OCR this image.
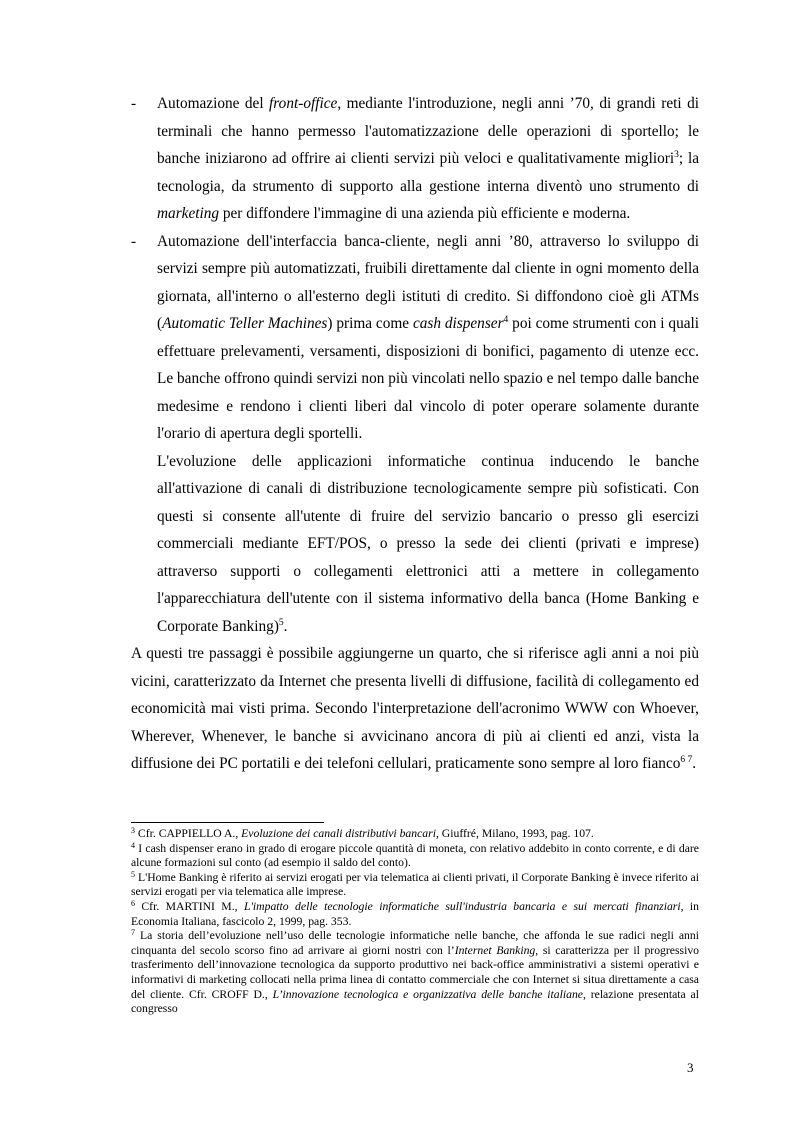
- Automazione del front-office, mediante l'introduzione, negli anni ’70, di grandi reti di terminali che hanno permesso l'automatizzazione delle operazioni di sportello; le banche iniziarono ad offrire ai clienti servizi più veloci e qualitativamente migliori$^3$; la tecnologia, da strumento di supporto alla gestione interna diventò uno strumento di marketing per diffondere l'immagine di una azienda più efficiente e moderna.

- Automazione dell'interfaccia banca-cliente, negli anni ’80, attraverso lo sviluppo di servizi sempre più automatizzati, fruibili direttamente dal cliente in ogni momento della giornata, all'interno o all'esterno degli istituti di credito. Si diffondono cioè gli ATMs (Automatic Teller Machines) prima come cash dispenser$^4$ poi come strumenti con i quali effettuare prelevamenti, versamenti, disposizioni di bonifici, pagamento di utenze ecc. Le banche offrono quindi servizi non più vincolati nello spazio e nel tempo dalle banche medesime e rendono i clienti liberi dal vincolo di poter operare solamente durante l'orario di apertura degli sportelli.

L'evoluzione delle applicazioni informatiche continua inducendo le banche all'attivazione di canali di distribuzione tecnologicamente sempre più sofisticati. Con questi si consente all'utente di fruire del servizio bancario o presso gli esercizi commerciali mediante EFT/POS, o presso la sede dei clienti (privati e imprese) attraverso supporti o collegamenti elettronici atti a mettere in collegamento l'apparecchiatura dell'utente con il sistema informativo della banca (Home Banking e Corporate Banking)$^5$.

A questi tre passaggi è possibile aggiungerne un quarto, che si riferisce agli anni a noi più vicini, caratterizzato da Internet che presenta livelli di diffusione, facilità di collegamento ed economicità mai visti prima. Secondo l'interpretazione dell'acronimo WWW con Whoever, Wherever, Whenever, le banche si avvicinano ancora di più ai clienti ed anzi, vista la diffusione dei PC portatili e dei telefoni cellulari, praticamente sono sempre al loro fianco$^{6 7}$.

$^3$ Cfr. CAPPIELLO A., Evoluzione dei canali distributivi bancari, Giuffré, Milano, 1993, pag. 107.

$^4$ I cash dispenser erano in grado di erogare piccole quantità di moneta, con relativo addebito in conto corrente, e di dare alcune formazioni sul conto (ad esempio il saldo del conto).

$^5$ L'Home Banking è riferito ai servizi erogati per via telematica ai clienti privati, il Corporate Banking è invece riferito ai servizi erogati per via telematica alle imprese.

$^6$ Cfr. MARTINI M., L'impatto delle tecnologie informatiche sull'industria bancaria e sui mercati finanziari, in Economia Italiana, fascicolo 2, 1999, pag. 353.

$^7$ La storia dell’evoluzione nell’uso delle tecnologie informatiche nelle banche, che affonda le sue radici negli anni cinquanta del secolo scorso fino ad arrivare ai giorni nostri con l’Internet Banking, si caratterizza per il progressivo trasferimento dell’innovazione tecnologica da supporto produttivo nei back-office amministrativi a sistemi operativi e informativi di marketing collocati nella prima linea di contatto commerciale che con Internet si situa direttamente a casa del cliente. Cfr. CROFF D., L’innovazione tecnologica e organizzativa delle banche italiane, relazione presentata al congresso

3
